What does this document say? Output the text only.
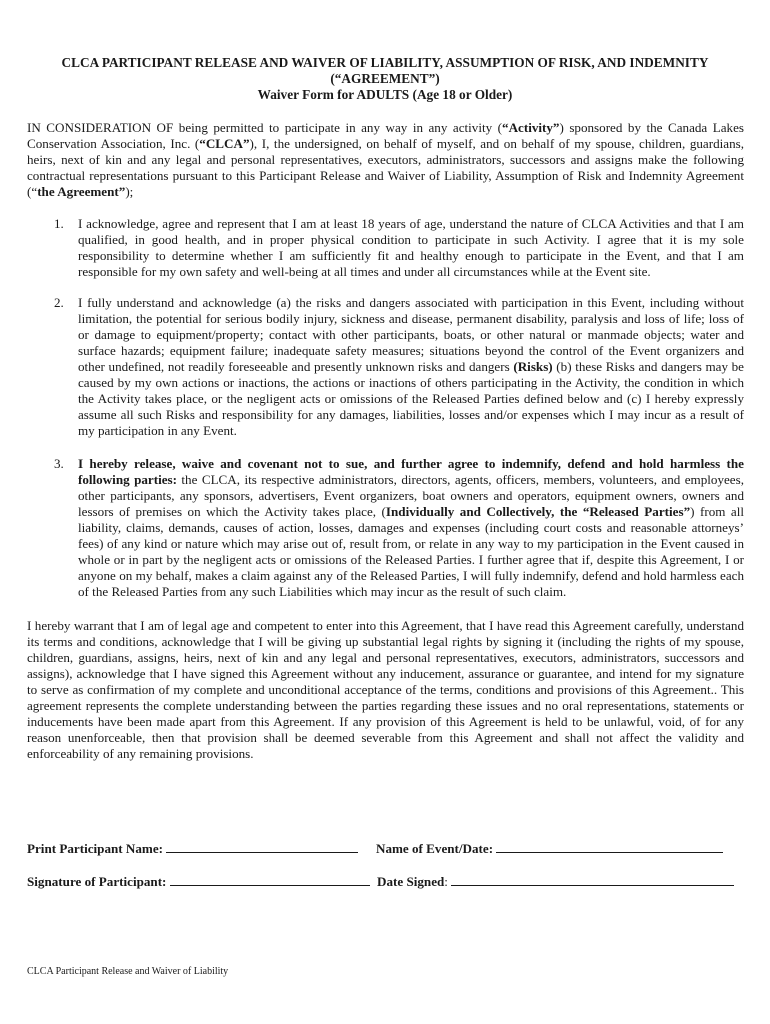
CLCA PARTICIPANT RELEASE AND WAIVER OF LIABILITY, ASSUMPTION OF RISK, AND INDEMNITY
(“AGREEMENT”)
Waiver Form for ADULTS (Age 18 or Older)
IN CONSIDERATION OF being permitted to participate in any way in any activity (“Activity”) sponsored by the Canada Lakes Conservation Association, Inc. (“CLCA”), I, the undersigned, on behalf of myself, and on behalf of my spouse, children, guardians, heirs, next of kin and any legal and personal representatives, executors, administrators, successors and assigns make the following contractual representations pursuant to this Participant Release and Waiver of Liability, Assumption of Risk and Indemnity Agreement (“the Agreement”);
1. I acknowledge, agree and represent that I am at least 18 years of age, understand the nature of CLCA Activities and that I am qualified, in good health, and in proper physical condition to participate in such Activity. I agree that it is my sole responsibility to determine whether I am sufficiently fit and healthy enough to participate in the Event, and that I am responsible for my own safety and well-being at all times and under all circumstances while at the Event site.
2. I fully understand and acknowledge (a) the risks and dangers associated with participation in this Event, including without limitation, the potential for serious bodily injury, sickness and disease, permanent disability, paralysis and loss of life; loss of or damage to equipment/property; contact with other participants, boats, or other natural or manmade objects; water and surface hazards; equipment failure; inadequate safety measures; situations beyond the control of the Event organizers and other undefined, not readily foreseeable and presently unknown risks and dangers (Risks) (b) these Risks and dangers may be caused by my own actions or inactions, the actions or inactions of others participating in the Activity, the condition in which the Activity takes place, or the negligent acts or omissions of the Released Parties defined below and (c) I hereby expressly assume all such Risks and responsibility for any damages, liabilities, losses and/or expenses which I may incur as a result of my participation in any Event.
3. I hereby release, waive and covenant not to sue, and further agree to indemnify, defend and hold harmless the following parties: the CLCA, its respective administrators, directors, agents, officers, members, volunteers, and employees, other participants, any sponsors, advertisers, Event organizers, boat owners and operators, equipment owners, owners and lessors of premises on which the Activity takes place, (Individually and Collectively, the “Released Parties”) from all liability, claims, demands, causes of action, losses, damages and expenses (including court costs and reasonable attorneys’ fees) of any kind or nature which may arise out of, result from, or relate in any way to my participation in the Event caused in whole or in part by the negligent acts or omissions of the Released Parties. I further agree that if, despite this Agreement, I or anyone on my behalf, makes a claim against any of the Released Parties, I will fully indemnify, defend and hold harmless each of the Released Parties from any such Liabilities which may incur as the result of such claim.
I hereby warrant that I am of legal age and competent to enter into this Agreement, that I have read this Agreement carefully, understand its terms and conditions, acknowledge that I will be giving up substantial legal rights by signing it (including the rights of my spouse, children, guardians, assigns, heirs, next of kin and any legal and personal representatives, executors, administrators, successors and assigns), acknowledge that I have signed this Agreement without any inducement, assurance or guarantee, and intend for my signature to serve as confirmation of my complete and unconditional acceptance of the terms, conditions and provisions of this Agreement.. This agreement represents the complete understanding between the parties regarding these issues and no oral representations, statements or inducements have been made apart from this Agreement. If any provision of this Agreement is held to be unlawful, void, of for any reason unenforceable, then that provision shall be deemed severable from this Agreement and shall not affect the validity and enforceability of any remaining provisions.
Print Participant Name:	Name of Event/Date:
Signature of Participant:	Date Signed:
CLCA Participant Release and Waiver of Liability
